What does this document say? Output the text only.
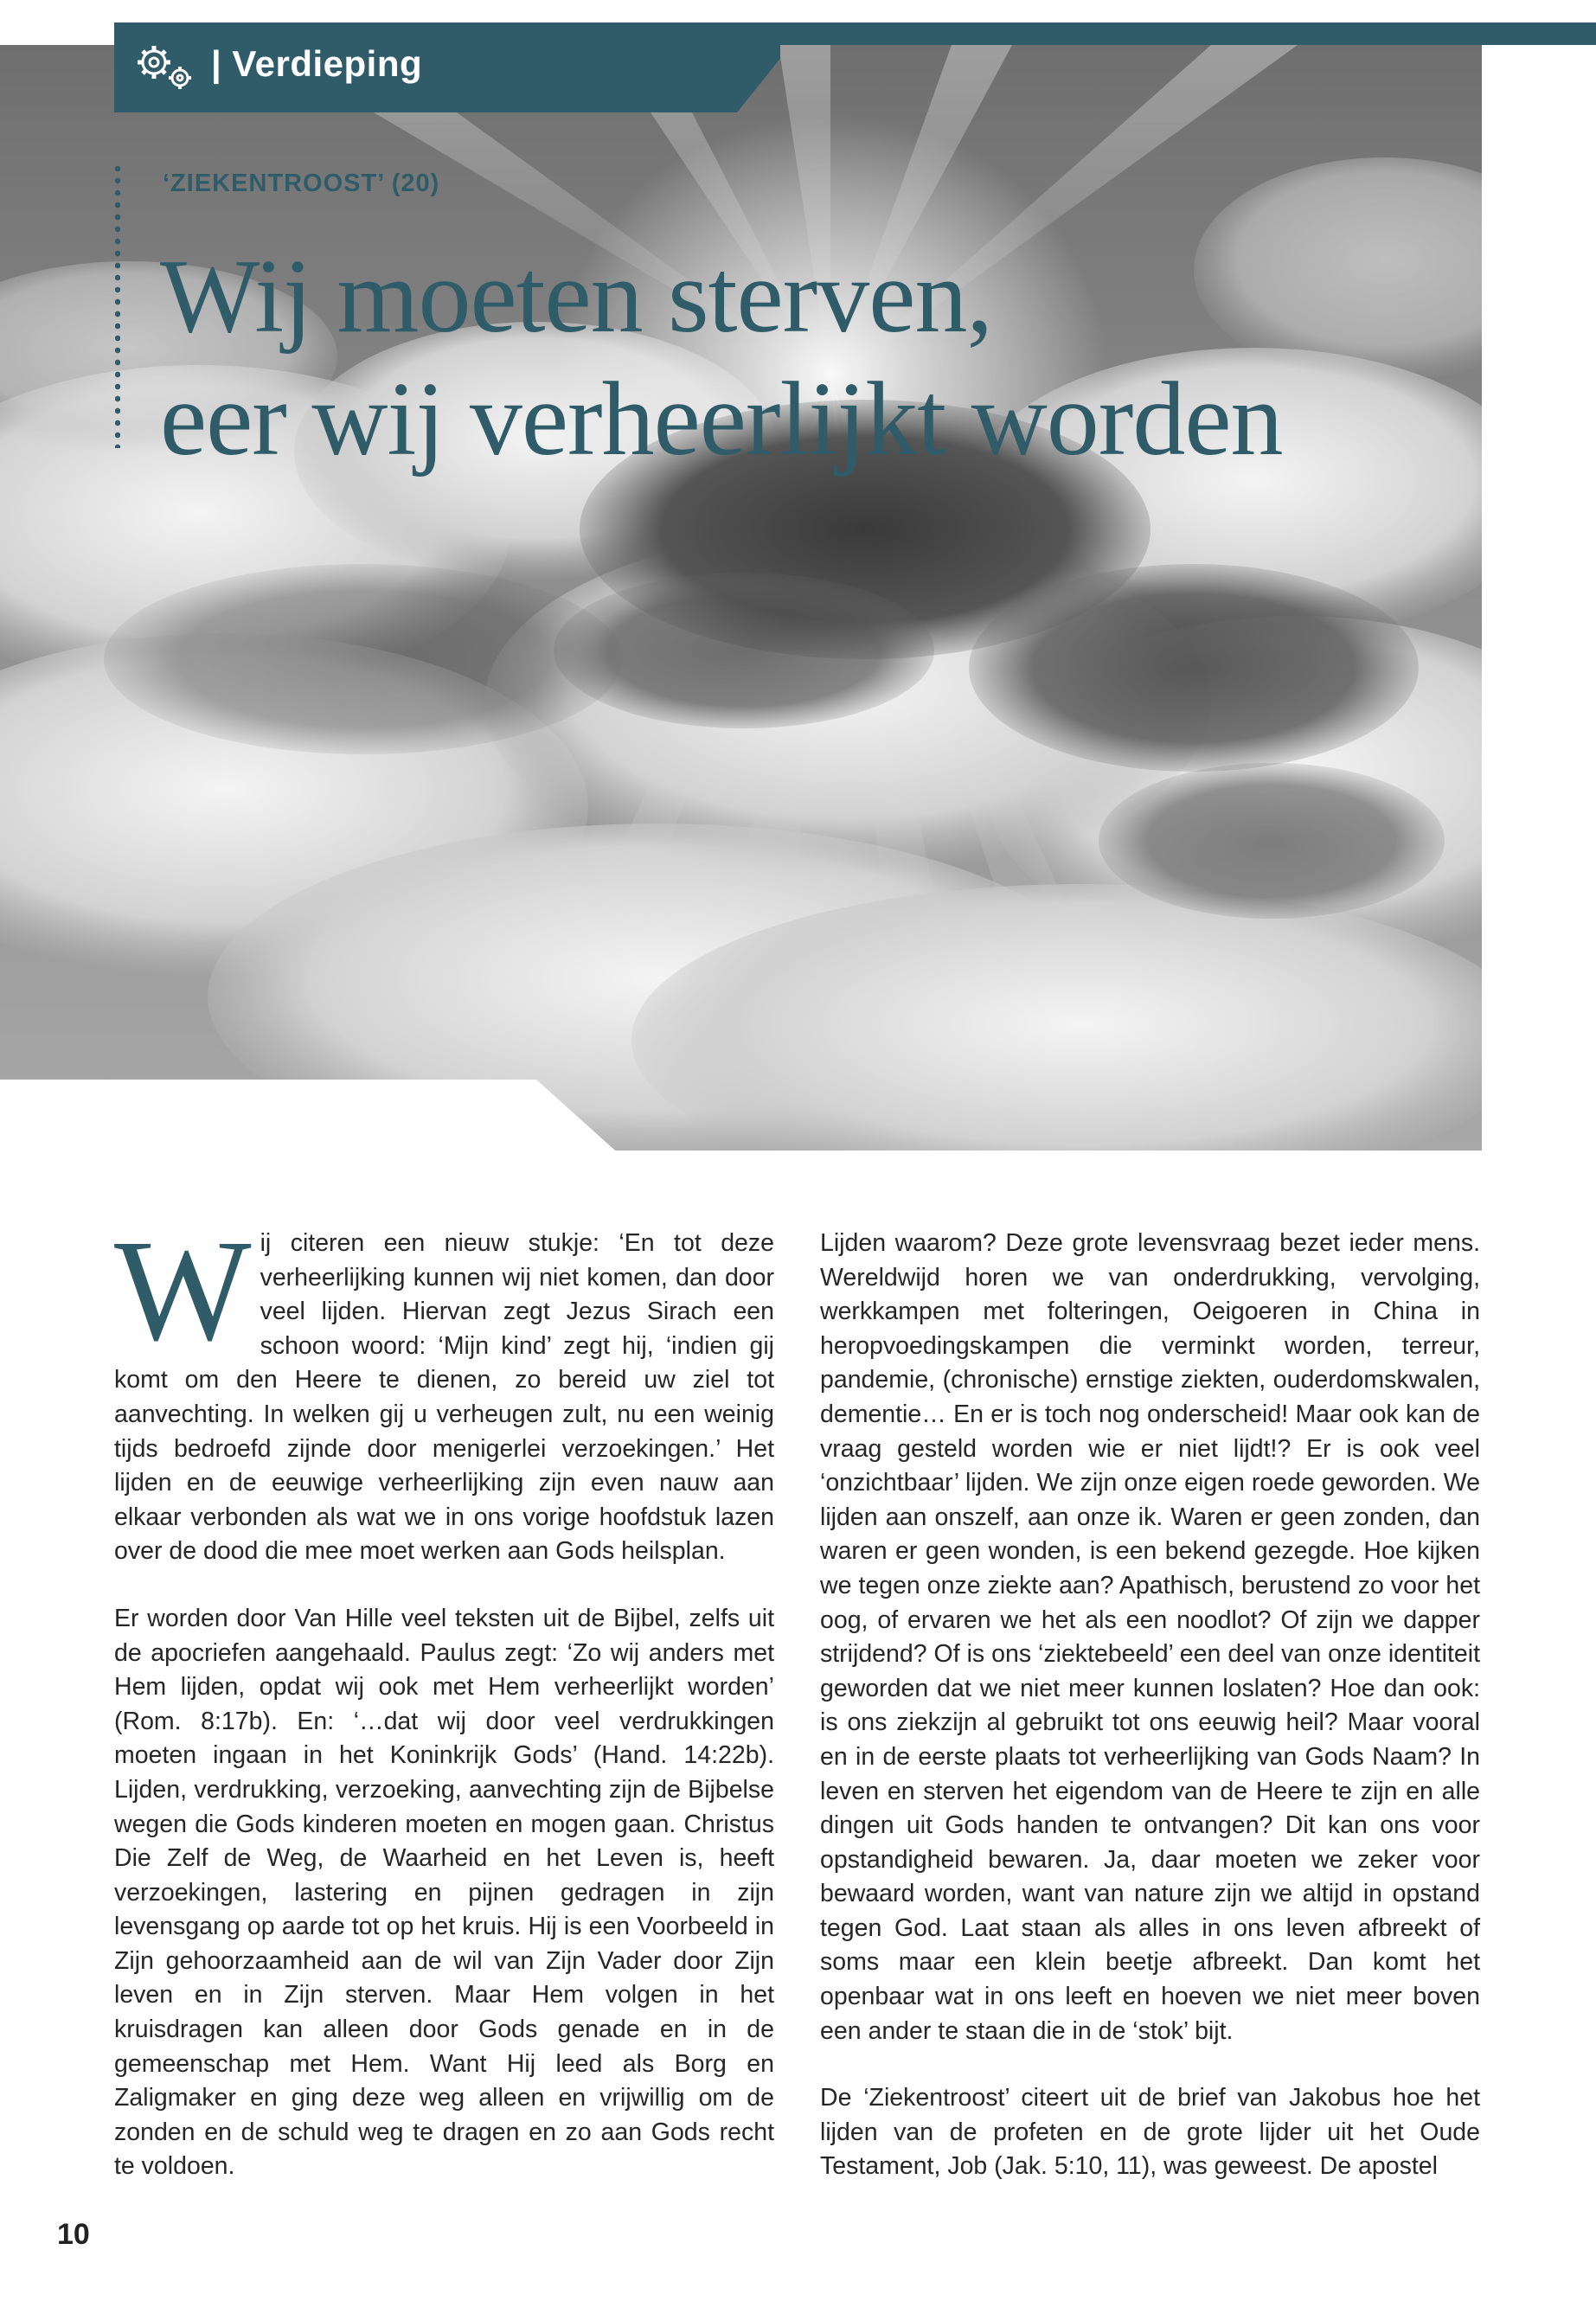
| Verdieping
‘ZIEKENTROOST’ (20)
Wij moeten sterven,
eer wij verheerlijkt worden

Wij citeren een nieuw stukje: ‘En tot deze verheerlijking kunnen wij niet komen, dan door veel lijden. Hiervan zegt Jezus Sirach een schoon woord: ‘Mijn kind’ zegt hij, ‘indien gij komt om den Heere te dienen, zo bereid uw ziel tot aanvechting. In welken gij u verheugen zult, nu een weinig tijds bedroefd zijnde door menigerlei verzoekingen.’ Het lijden en de eeuwige verheerlijking zijn even nauw aan elkaar verbonden als wat we in ons vorige hoofdstuk lazen over de dood die mee moet werken aan Gods heilsplan.

Er worden door Van Hille veel teksten uit de Bijbel, zelfs uit de apocriefen aangehaald. Paulus zegt: ‘Zo wij anders met Hem lijden, opdat wij ook met Hem verheerlijkt worden’ (Rom. 8:17b). En: ‘…dat wij door veel verdrukkingen moeten ingaan in het Koninkrijk Gods’ (Hand. 14:22b). Lijden, verdrukking, verzoeking, aanvechting zijn de Bijbelse wegen die Gods kinderen moeten en mogen gaan. Christus Die Zelf de Weg, de Waarheid en het Leven is, heeft verzoekingen, lastering en pijnen gedragen in zijn levensgang op aarde tot op het kruis. Hij is een Voorbeeld in Zijn gehoorzaamheid aan de wil van Zijn Vader door Zijn leven en in Zijn sterven. Maar Hem volgen in het kruisdragen kan alleen door Gods genade en in de gemeenschap met Hem. Want Hij leed als Borg en Zaligmaker en ging deze weg alleen en vrijwillig om de zonden en de schuld weg te dragen en zo aan Gods recht te voldoen.

Lijden waarom? Deze grote levensvraag bezet ieder mens. Wereldwijd horen we van onderdrukking, vervolging, werkkampen met folteringen, Oeigoeren in China in heropvoedingskampen die verminkt worden, terreur, pandemie, (chronische) ernstige ziekten, ouderdomskwalen, dementie… En er is toch nog onderscheid! Maar ook kan de vraag gesteld worden wie er niet lijdt!? Er is ook veel ‘onzichtbaar’ lijden. We zijn onze eigen roede geworden. We lijden aan onszelf, aan onze ik. Waren er geen zonden, dan waren er geen wonden, is een bekend gezegde. Hoe kijken we tegen onze ziekte aan? Apathisch, berustend zo voor het oog, of ervaren we het als een noodlot? Of zijn we dapper strijdend? Of is ons ‘ziektebeeld’ een deel van onze identiteit geworden dat we niet meer kunnen loslaten? Hoe dan ook: is ons ziekzijn al gebruikt tot ons eeuwig heil? Maar vooral en in de eerste plaats tot verheerlijking van Gods Naam? In leven en sterven het eigendom van de Heere te zijn en alle dingen uit Gods handen te ontvangen? Dit kan ons voor opstandigheid bewaren. Ja, daar moeten we zeker voor bewaard worden, want van nature zijn we altijd in opstand tegen God. Laat staan als alles in ons leven afbreekt of soms maar een klein beetje afbreekt. Dan komt het openbaar wat in ons leeft en hoeven we niet meer boven een ander te staan die in de ‘stok’ bijt.

De ‘Ziekentroost’ citeert uit de brief van Jakobus hoe het lijden van de profeten en de grote lijder uit het Oude Testament, Job (Jak. 5:10, 11), was geweest. De apostel

10
